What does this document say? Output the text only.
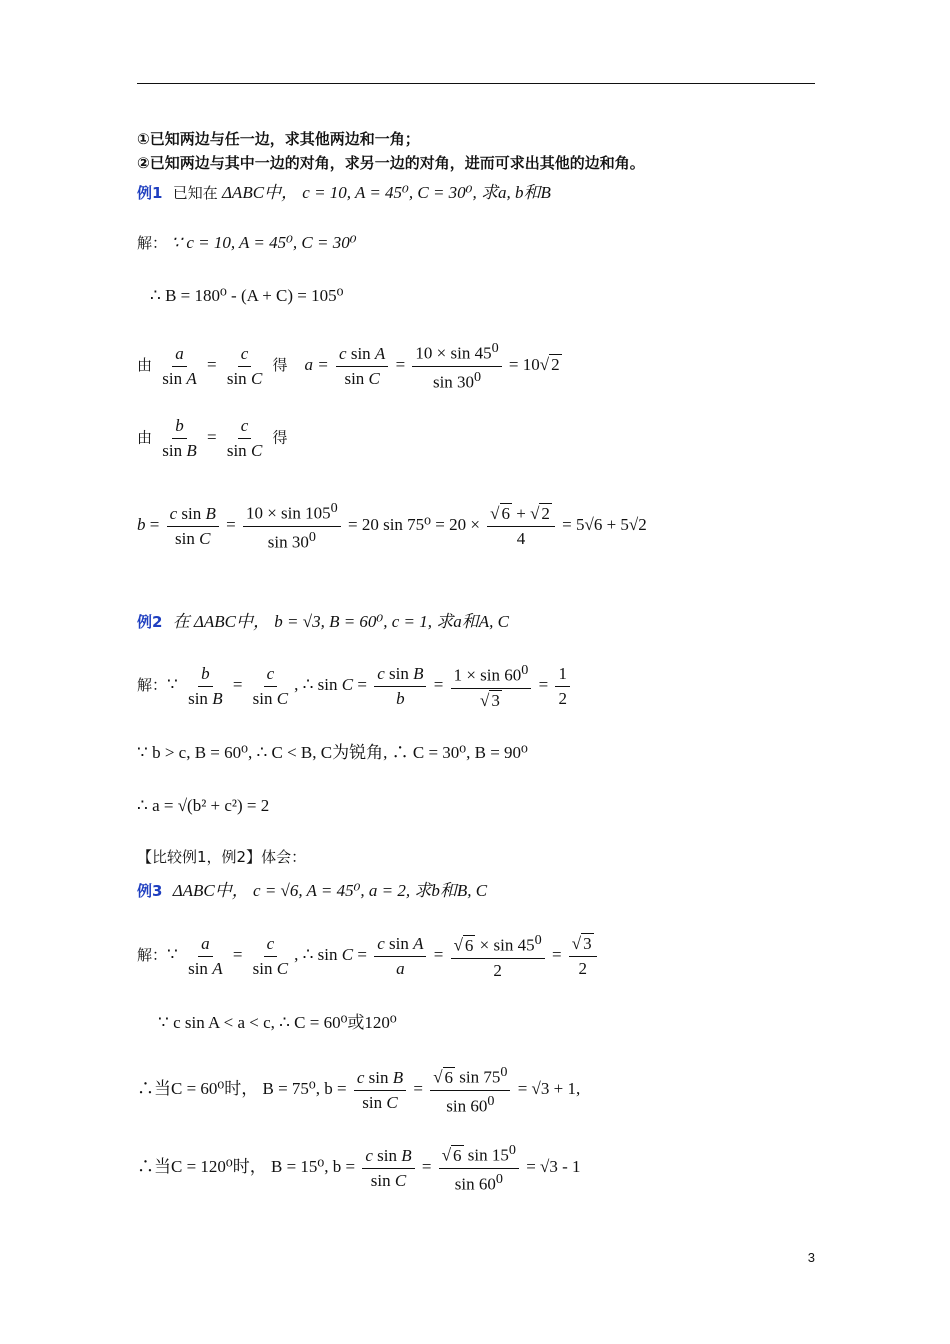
①已知两边与任一边，求其他两边和一角；
②已知两边与其中一边的对角，求另一边的对角，进而可求出其他的边和角。
例1 已知在 ΔABC中， c = 10, A = 45⁰, C = 30⁰, 求a, b和B
解： ∵ c = 10, A = 45⁰, C = 30⁰
∴ B = 180⁰ - (A + C) = 105⁰
由 $\frac{a}{\text{sin A}} = \frac{c}{\text{sin C}}$ 得 $a = \frac{\text{c sin A}}{\text{sin C}} = \frac{10 \times \sin 45^0}{\sin 30^0} = 10√$ 2
由 $\frac{b}{\text{sin B}} = \frac{c}{\text{sin C}}$ 得
$b = \frac{\text{c sin B}}{\text{sin C}} = \frac{10 \times \sin 105^0}{\sin 30^0} = 20$ $\sin 75^0 = 20 \times \frac{√ 6 + √ 2}{4} = 5√6 + 5√2$
例2 在 ΔABC中， b = √3, B = 60⁰, c = 1, 求a和A, C
解：∵ $\frac{b}{\text{sin B}} = \frac{c}{\text{sin C}}$ , ∴ $\sin C = \frac{\text{c sin B}}{b} = \frac{1 \times \sin 60^0}{√ 3} = \frac{1}{2}$
∵ b > c, B = 60⁰, ∴ C < B, C为锐角, ∴ C = 30⁰, B = 90⁰
∴ a = √(b² + c²) = 2
【比较例1，例2】体会：
例3 ΔABC中， c = √6, A = 45⁰, a = 2, 求b和B, C
解：∵ $\frac{a}{\text{sin A}} = \frac{c}{\text{sin C}}$ , ∴ $\sin C = \frac{\text{c sin A}}{a} = \frac{√ 6 \times \sin 45^0}{2} = \frac{√ 3}{2}$
∵ c sin A < a < c, ∴ C = 60⁰或120⁰
∴当C = 60⁰时， B = 75⁰, $b = \frac{\text{c sin B}}{\text{sin C}} = \frac{√ 6 \sin 75^0}{\sin 60^0} = √3 + 1$,
∴当C = 120⁰时， B = 15⁰, $b = \frac{\text{c sin B}}{\text{sin C}} = \frac{√ 6 \sin 15^0}{\sin 60^0} = √3 - 1$
3
